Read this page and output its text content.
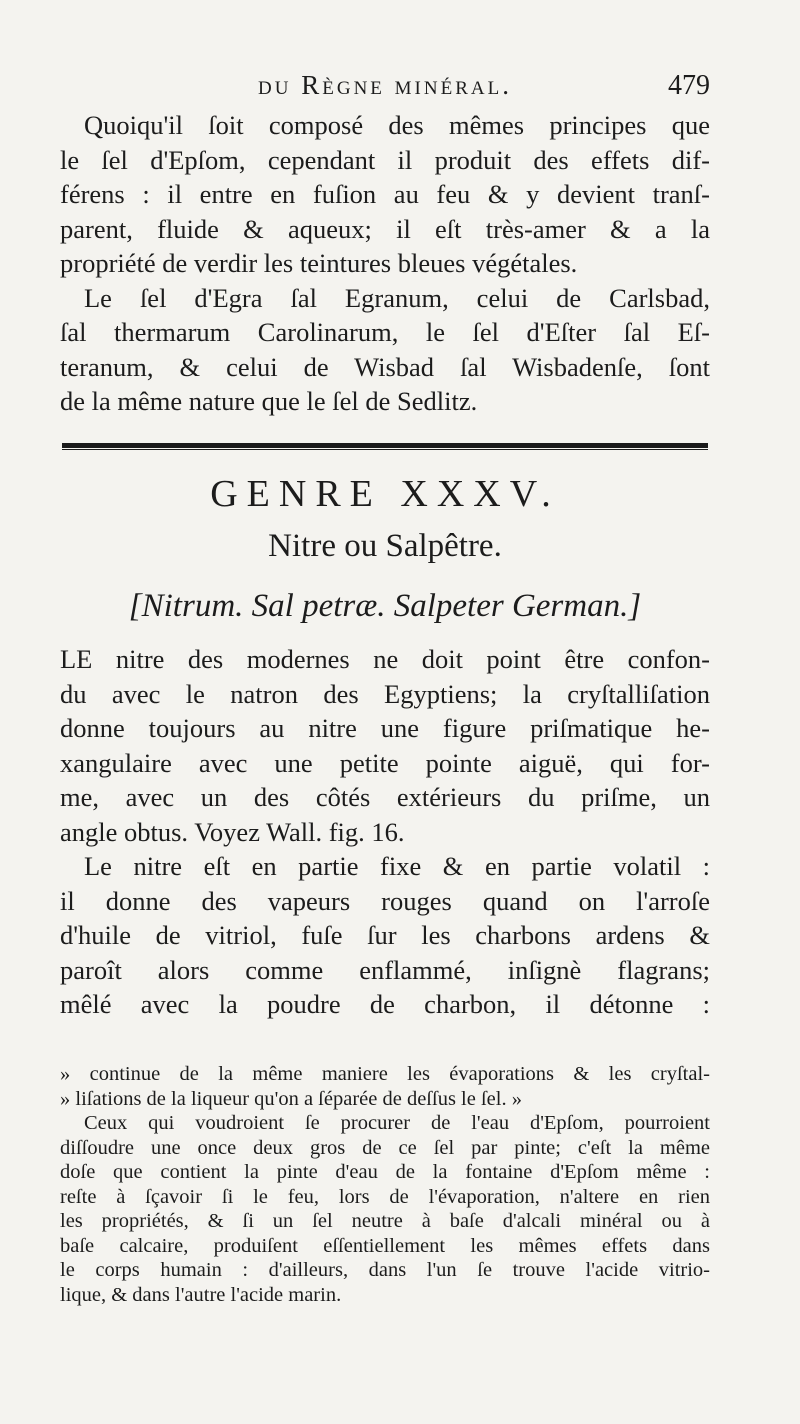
du Règne minéral.	479
Quoiqu'il ſoit composé des mêmes principes que
le ſel d'Epſom, cependant il produit des effets dif-
férens : il entre en fuſion au feu & y devient tranſ-
parent, fluide & aqueux; il eſt très-amer & a la
propriété de verdir les teintures bleues végétales.
Le ſel d'Egra ſal Egranum, celui de Carlsbad,
ſal thermarum Carolinarum, le ſel d'Eſter ſal Eſ-
teranum, & celui de Wisbad ſal Wisbadenſe, ſont
de la même nature que le ſel de Sedlitz.
GENRE XXXV.
Nitre ou Salpêtre.
[Nitrum. Sal petræ. Salpeter German.]
LE nitre des modernes ne doit point être confon-
du avec le natron des Egyptiens; la cryſtalliſation
donne toujours au nitre une figure priſmatique he-
xangulaire avec une petite pointe aiguë, qui for-
me, avec un des côtés extérieurs du priſme, un
angle obtus. Voyez Wall. fig. 16.
Le nitre eſt en partie fixe & en partie volatil :
il donne des vapeurs rouges quand on l'arroſe
d'huile de vitriol, fuſe ſur les charbons ardens &
paroît alors comme enflammé, inſignè flagrans;
mêlé avec la poudre de charbon, il détonne :
» continue de la même maniere les évaporations & les cryſtal-
» liſations de la liqueur qu'on a ſéparée de deſſus le ſel. »
Ceux qui voudroient ſe procurer de l'eau d'Epſom, pourroient
diſſoudre une once deux gros de ce ſel par pinte; c'eſt la même
doſe que contient la pinte d'eau de la fontaine d'Epſom même :
reſte à ſçavoir ſi le feu, lors de l'évaporation, n'altere en rien
les propriétés, & ſi un ſel neutre à baſe d'alcali minéral ou à
baſe calcaire, produiſent eſſentiellement les mêmes effets dans
le corps humain : d'ailleurs, dans l'un ſe trouve l'acide vitrio-
lique, & dans l'autre l'acide marin.
